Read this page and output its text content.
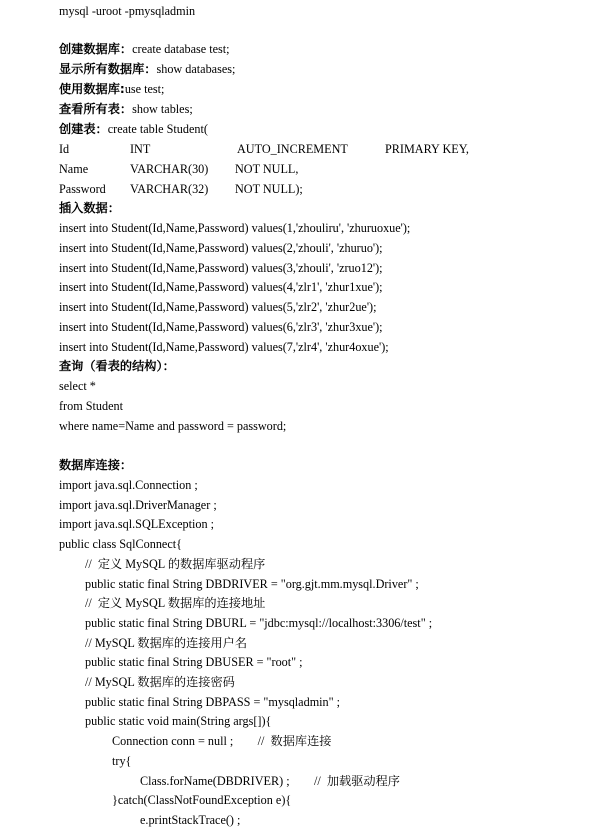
mysql -uroot -pmysqladmin
创建数据库：create database test;
显示所有数据库：show databases;
使用数据库:use test;
查看所有表：show tables;
创建表：create table Student(
Id	INT	AUTO_INCREMENT	PRIMARY KEY,
Name	VARCHAR(30) NOT NULL,
Password VARCHAR(32) NOT NULL);
插入数据：
insert into Student(Id,Name,Password) values(1,'zhouliru', 'zhuruoxue');
insert into Student(Id,Name,Password) values(2,'zhouli', 'zhuruo');
insert into Student(Id,Name,Password) values(3,'zhouli', 'zruo12');
insert into Student(Id,Name,Password) values(4,'zlr1', 'zhur1xue');
insert into Student(Id,Name,Password) values(5,'zlr2', 'zhur2ue');
insert into Student(Id,Name,Password) values(6,'zlr3', 'zhur3xue');
insert into Student(Id,Name,Password) values(7,'zlr4', 'zhur4oxue');
查询（看表的结构）：
select *
from Student
where name=Name and password = password;
数据库连接：
import java.sql.Connection ;
import java.sql.DriverManager ;
import java.sql.SQLException ;
public class SqlConnect{
//  定义 MySQL 的数据库驱动程序
public static final String DBDRIVER = "org.gjt.mm.mysql.Driver" ;
//  定义 MySQL 数据库的连接地址
public static final String DBURL = "jdbc:mysql://localhost:3306/test" ;
// MySQL 数据库的连接用户名
public static final String DBUSER = "root" ;
// MySQL 数据库的连接密码
public static final String DBPASS = "mysqladmin" ;
public static void main(String args[]){
Connection conn = null ;        //  数据库连接
try{
Class.forName(DBDRIVER) ;        //  加载驱动程序
}catch(ClassNotFoundException e){
e.printStackTrace() ;
